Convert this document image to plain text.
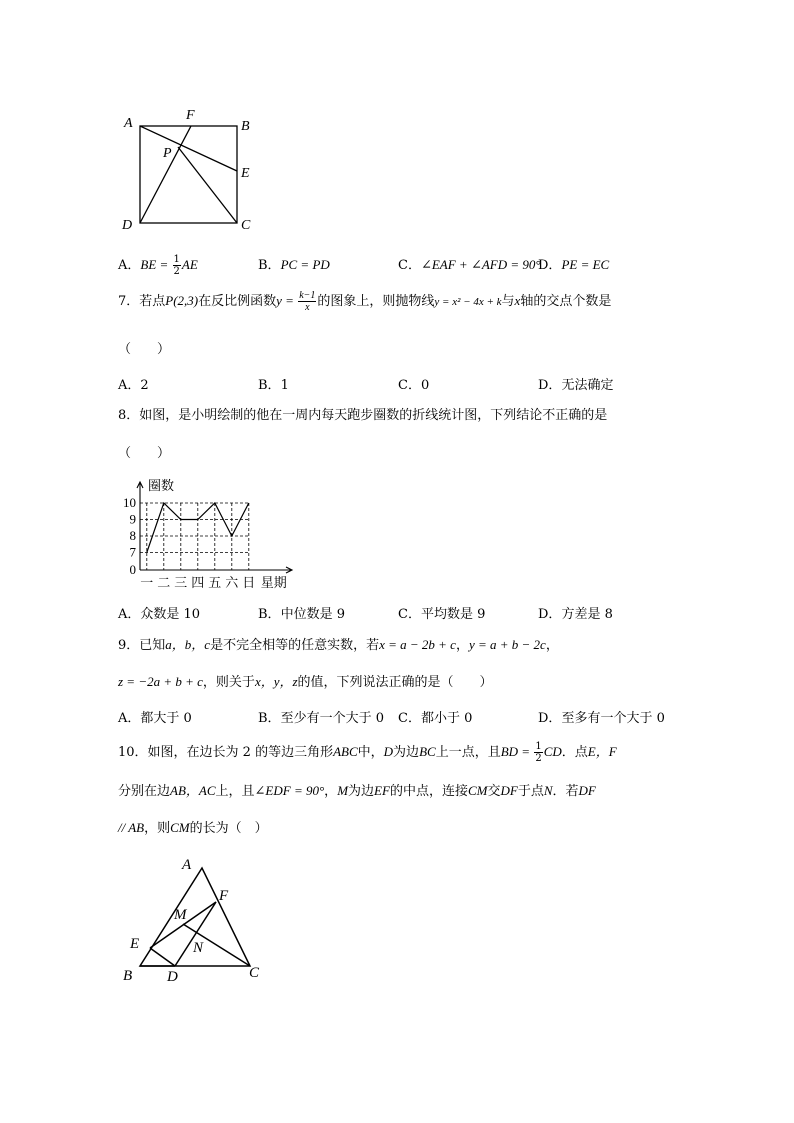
A
F
B
P
E
D	C
A．BE = $\frac{1}{2}$ AE	B．PC = PD	C．∠EAF + ∠AFD = 90°
D．PE = EC
7．若点P(2,3)在反比例函数$y = \frac{k-1}{x}$ 的图象上，则抛物线y = x² − 4x + k与x轴的交点个数是
（　　）
A．2	B．1	C．0	D．无法确定
8．如图，是小明绘制的他在一周内每天跑步圈数的折线统计图，下列结论不正确的是
（　　）
10
9
8
7
0
一 二 三 四 五 六 日
圈数
星期
A．众数是 10	B．中位数是 9	C．平均数是 9	D．方差是 8
9．已知a，b，c是不完全相等的任意实数，若x = a − 2b + c，y = a + b − 2c，
z = −2a + b + c，则关于x，y，z的值，下列说法正确的是（　　）
A．都大于 0	B．至少有一个大于 0 C．都小于 0	D．至多有一个大于 0
10．如图，在边长为 2 的等边三角形ABC中，D为边BC上一点，且BD = $\frac{1}{2}$ CD．点E，F
分别在边AB，AC上，且∠EDF = 90°，M为边EF的中点，连接CM交DF于点N．若DF
// AB，则CM的长为（　）
A
F
M
E	N
B D	C
